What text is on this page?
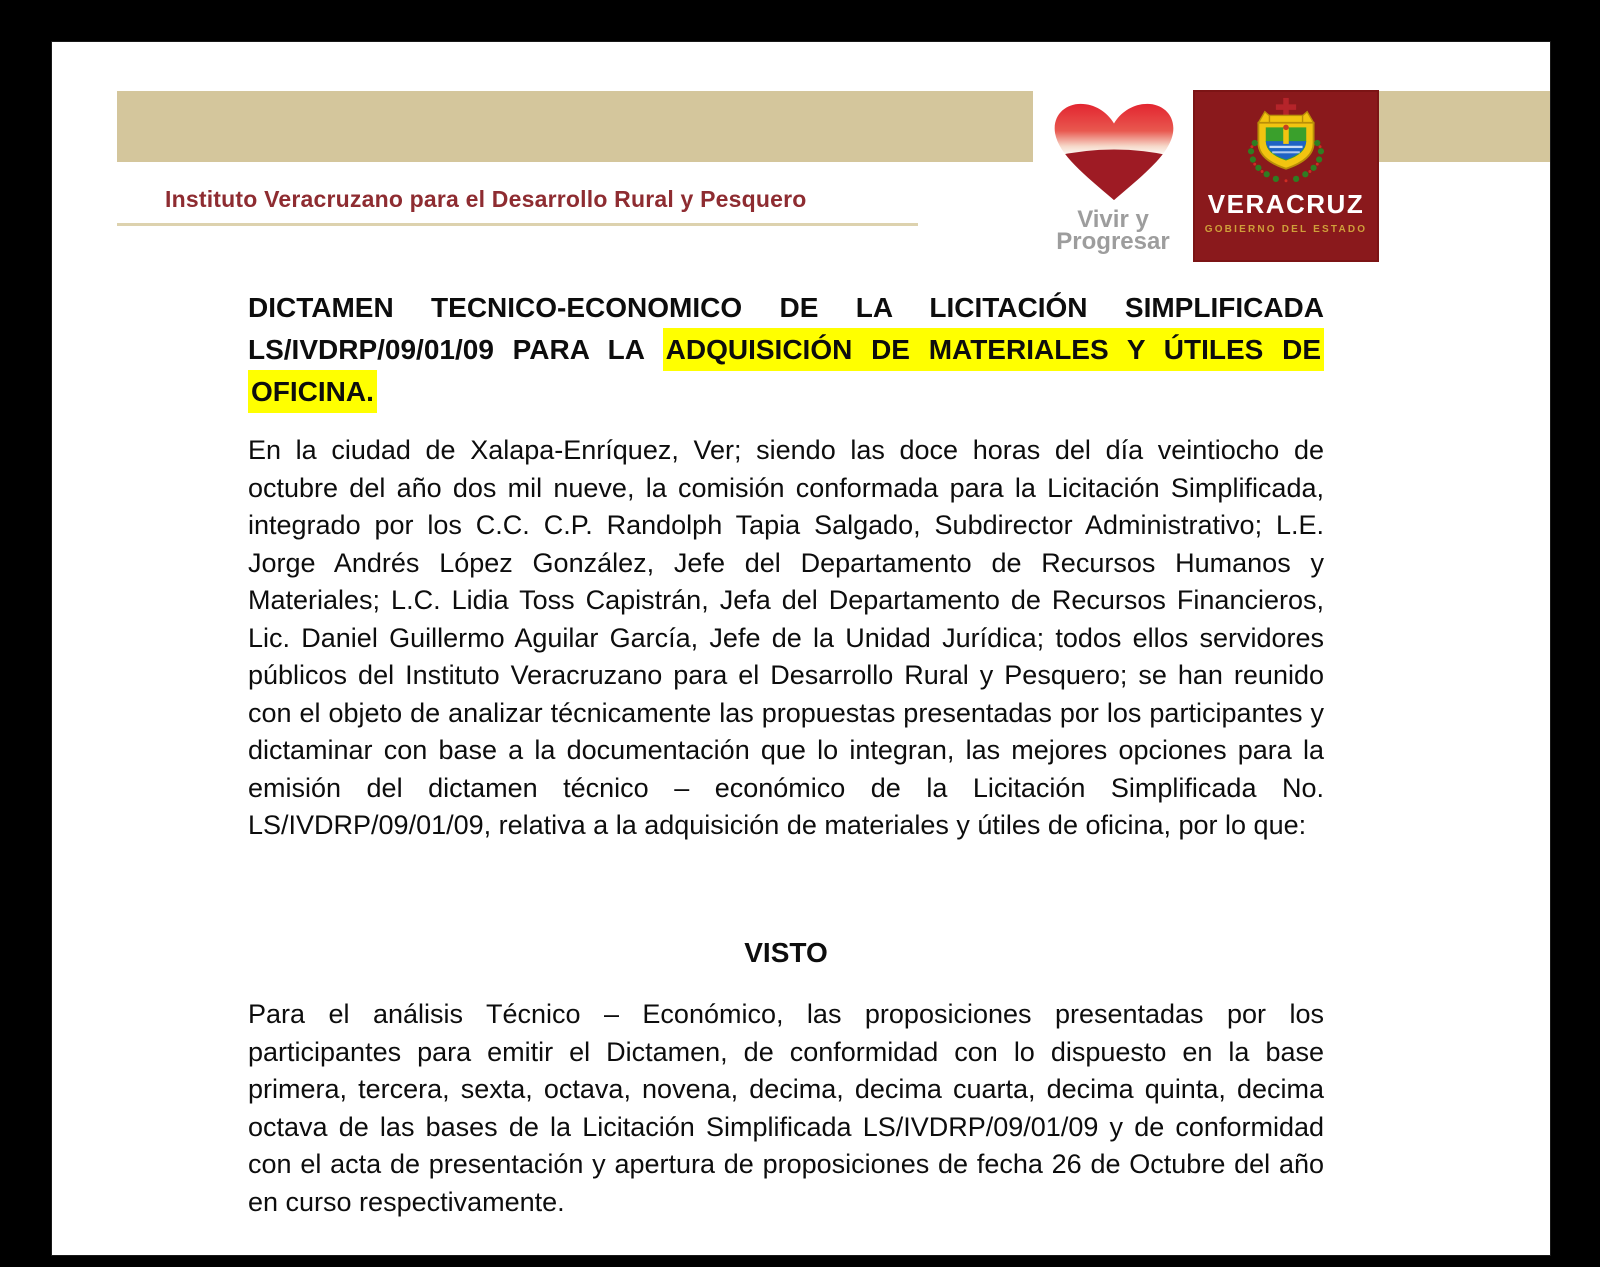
Instituto Veracruzano para el Desarrollo Rural y Pesquero
Vivir y
Progresar
VERACRUZ
GOBIERNO DEL ESTADO
DICTAMEN TECNICO-ECONOMICO DE LA LICITACIÓN SIMPLIFICADA
LS/IVDRP/09/01/09 PARA LA ADQUISICIÓN DE MATERIALES Y ÚTILES DE
OFICINA.
En la ciudad de Xalapa-Enríquez, Ver; siendo las doce horas del día veintiocho de octubre del año dos mil nueve, la comisión conformada para la Licitación Simplificada, integrado por los C.C. C.P. Randolph Tapia Salgado, Subdirector Administrativo; L.E. Jorge Andrés López González, Jefe del Departamento de Recursos Humanos y Materiales; L.C. Lidia Toss Capistrán, Jefa del Departamento de Recursos Financieros, Lic. Daniel Guillermo Aguilar García, Jefe de la Unidad Jurídica; todos ellos servidores públicos del Instituto Veracruzano para el Desarrollo Rural y Pesquero; se han reunido con el objeto de analizar técnicamente las propuestas presentadas por los participantes y dictaminar con base a la documentación que lo integran, las mejores opciones para la emisión del dictamen técnico – económico de la Licitación Simplificada No. LS/IVDRP/09/01/09, relativa a la adquisición de materiales y útiles de oficina, por lo que:
VISTO
Para el análisis Técnico – Económico, las proposiciones presentadas por los participantes para emitir el Dictamen, de conformidad con lo dispuesto en la base primera, tercera, sexta, octava, novena, decima, decima cuarta, decima quinta, decima octava de las bases de la Licitación Simplificada LS/IVDRP/09/01/09 y de conformidad con el acta de presentación y apertura de proposiciones de fecha 26 de Octubre del año en curso respectivamente.
